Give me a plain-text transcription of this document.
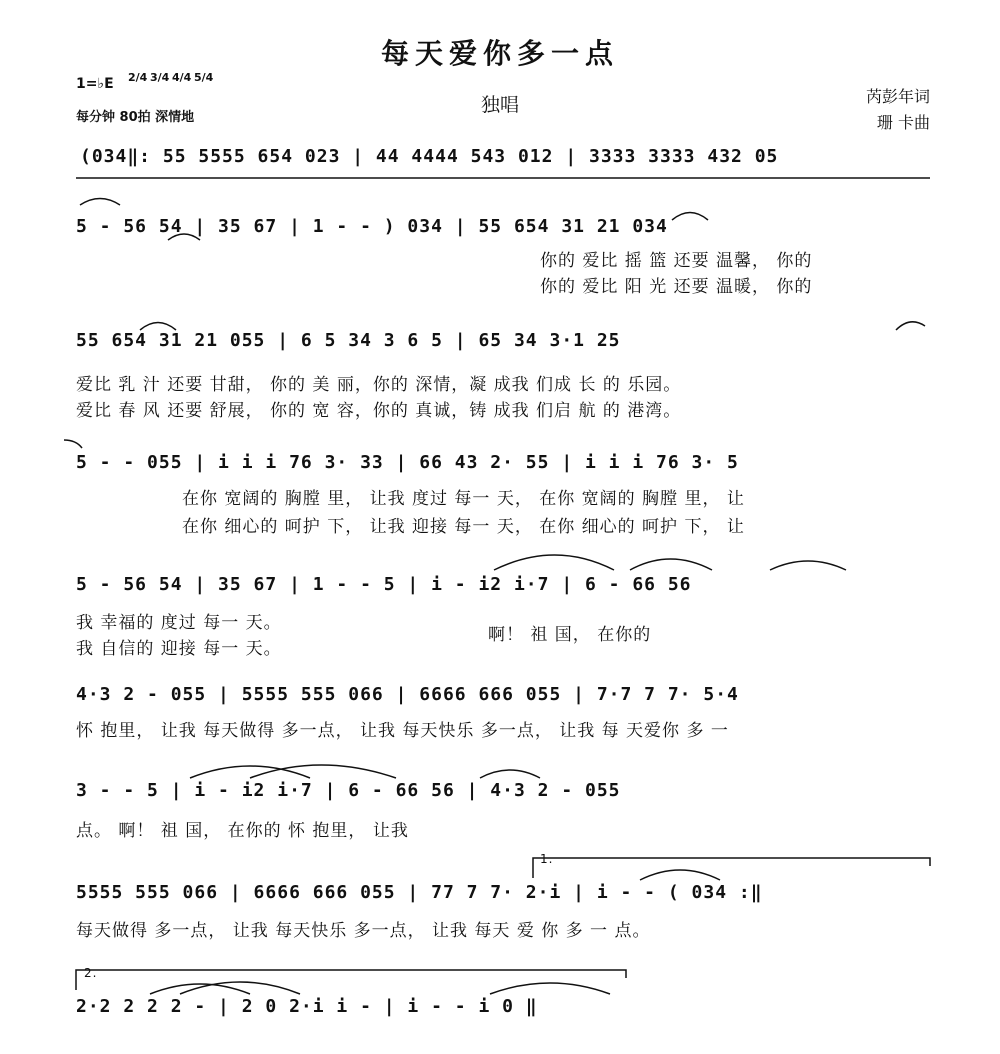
每天爱你多一点
独唱
1=♭E 2/4 3/4 4/4 5/4
每分钟 80拍 深情地
芮彭年词
珊 卡曲
(034‖: 55 5555 654 023 | 44 4444 543 012 | 3333 3333 432 05
5 - 56 54 | 35 67 | 1 - - ) 034 | 55 654 31 21 034
你的 爱比 摇 篮 还要 温馨， 你的
你的 爱比 阳 光 还要 温暖， 你的
55 654 31 21 055 | 6 5 34 3 6 5 | 65 34 3·1 25
爱比 乳 汁 还要 甘甜， 你的 美 丽，你的 深情，凝 成我 们成 长 的 乐园。
爱比 春 风 还要 舒展， 你的 宽 容，你的 真诚，铸 成我 们启 航 的 港湾。
5 - - 055 | i i i 76 3· 33 | 66 43 2· 55 | i i i 76 3· 5
在你 宽阔的 胸膛 里， 让我 度过 每一 天， 在你 宽阔的 胸膛 里， 让
在你 细心的 呵护 下， 让我 迎接 每一 天， 在你 细心的 呵护 下， 让
5 - 56 54 | 35 67 | 1 - - 5 | i - i2 i·7 | 6 - 66 56
我 幸福的 度过 每一 天。
我 自信的 迎接 每一 天。
啊！ 祖 国， 在你的
4·3 2 - 055 | 5555 555 066 | 6666 666 055 | 7·7 7 7· 5·4
怀 抱里， 让我 每天做得 多一点， 让我 每天快乐 多一点， 让我 每 天爱你 多 一
3 - - 5 | i - i2 i·7 | 6 - 66 56 | 4·3 2 - 055
点。 啊！ 祖 国， 在你的 怀 抱里， 让我
1.
5555 555 066 | 6666 666 055 | 77 7 7· 2·i | i - - ( 034 :‖
每天做得 多一点， 让我 每天快乐 多一点， 让我 每天 爱 你 多 一 点。
2.
2·2 2 2 2 - | 2 0 2·i i - | i - - i 0 ‖
